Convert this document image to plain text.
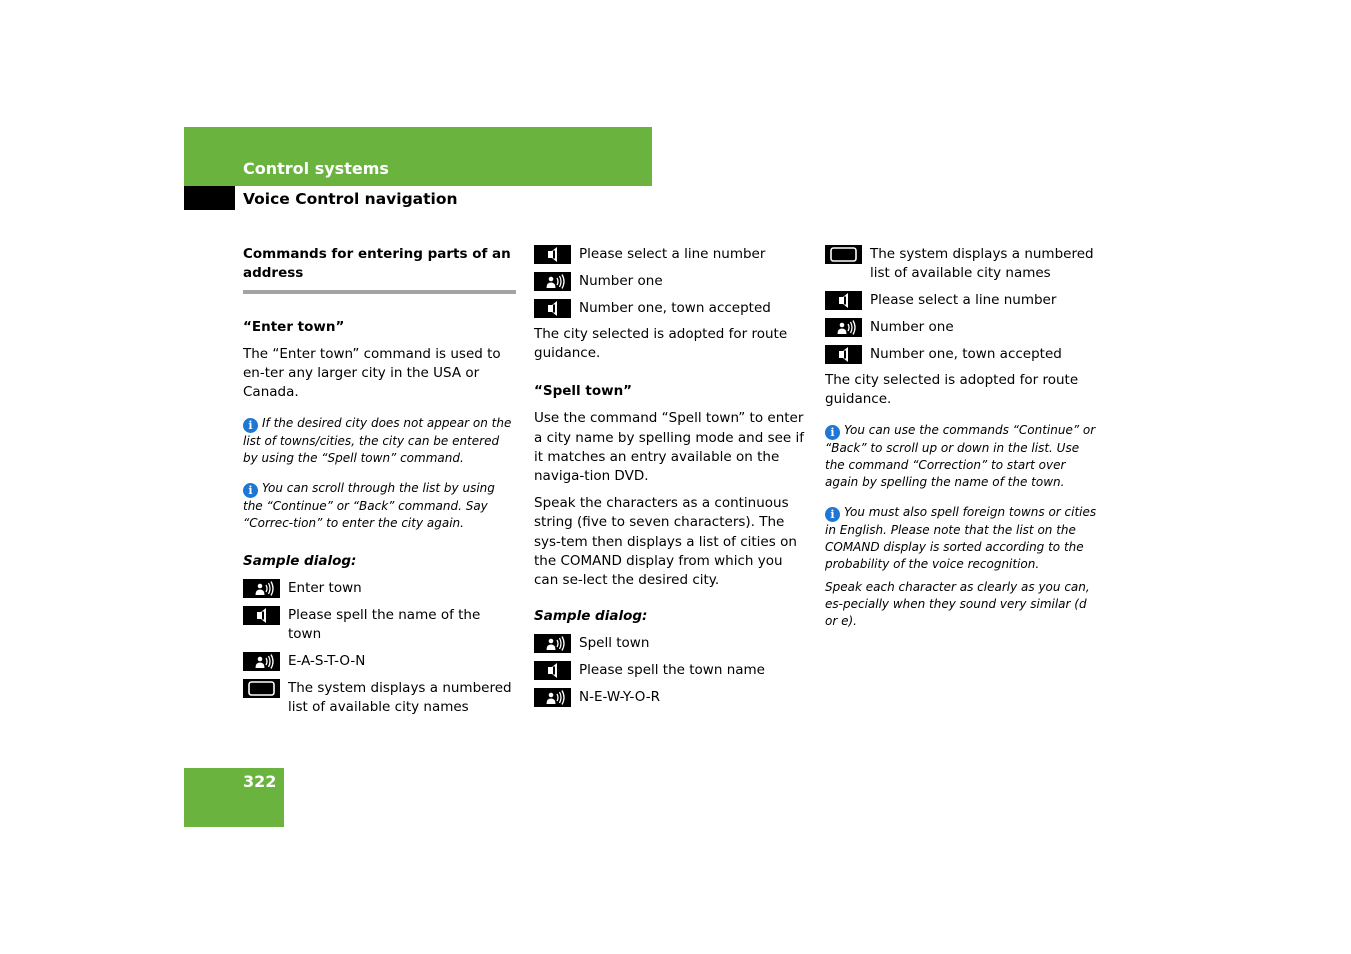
Control systems
Voice Control navigation
Commands for entering parts of an address
“Enter town”
The “Enter town” command is used to en-ter any larger city in the USA or Canada.
i If the desired city does not appear on the list of towns/cities, the city can be entered by using the “Spell town” command.
i You can scroll through the list by using the “Continue” or “Back” command. Say “Correc-tion” to enter the city again.
Sample dialog:
Enter town
Please spell the name of the town
E-A-S-T-O-N
The system displays a numbered list of available city names
Please select a line number
Number one
Number one, town accepted
The city selected is adopted for route guidance.
“Spell town”
Use the command “Spell town” to enter a city name by spelling mode and see if it matches an entry available on the naviga-tion DVD.
Speak the characters as a continuous string (five to seven characters). The sys-tem then displays a list of cities on the COMAND display from which you can se-lect the desired city.
Sample dialog:
Spell town
Please spell the town name
N-E-W-Y-O-R
The system displays a numbered list of available city names
Please select a line number
Number one
Number one, town accepted
The city selected is adopted for route guidance.
i You can use the commands “Continue” or “Back” to scroll up or down in the list. Use the command “Correction” to start over again by spelling the name of the town.
i You must also spell foreign towns or cities in English. Please note that the list on the COMAND display is sorted according to the probability of the voice recognition.
Speak each character as clearly as you can, es-pecially when they sound very similar (d or e).
322
